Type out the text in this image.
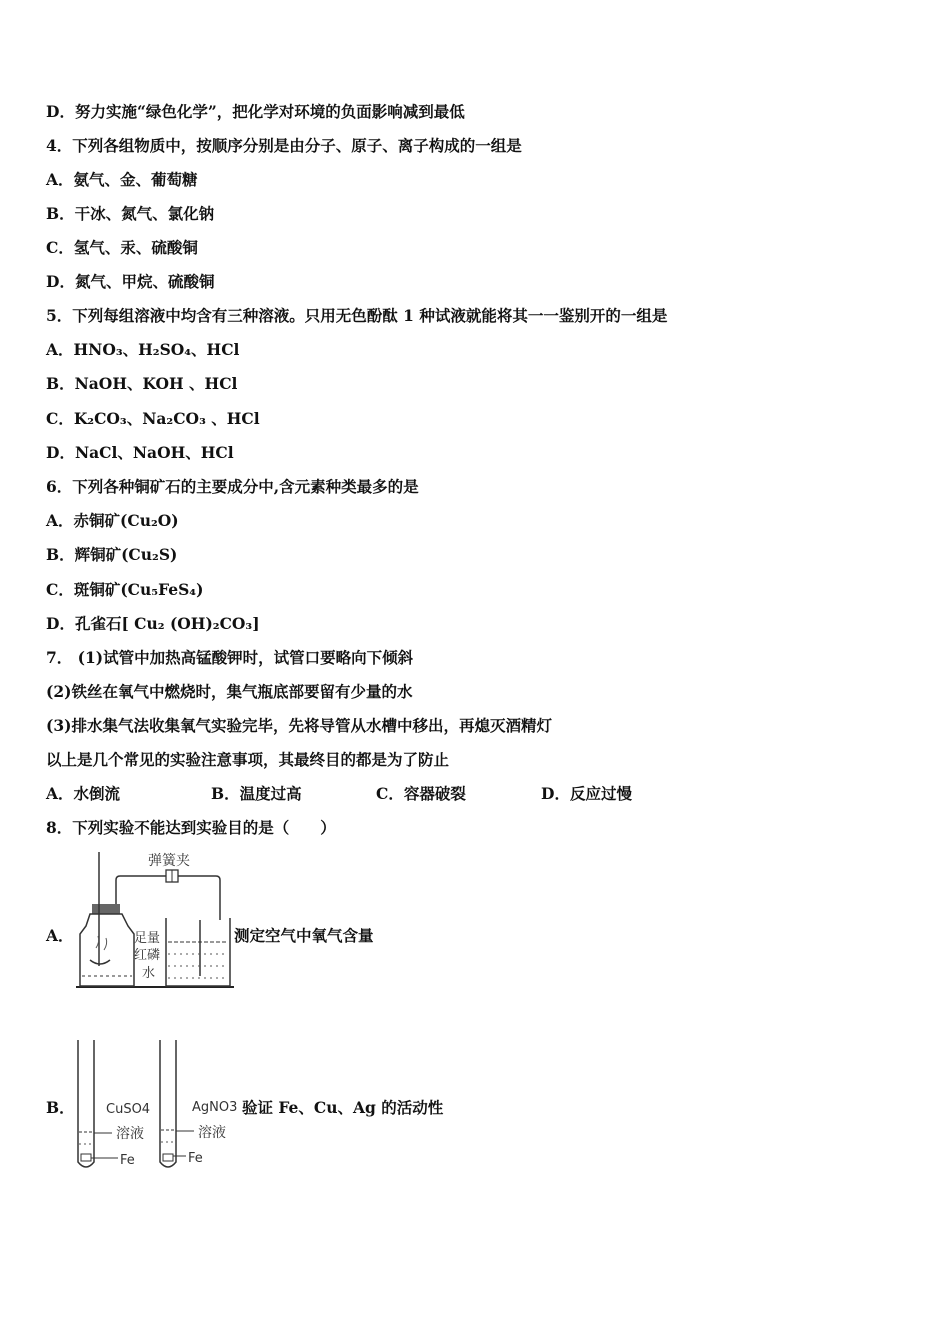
D．努力实施“绿色化学”，把化学对环境的负面影响减到最低
4．下列各组物质中，按顺序分别是由分子、原子、离子构成的一组是
A．氨气、金、葡萄糖
B．干冰、氮气、氯化钠
C．氢气、汞、硫酸铜
D．氮气、甲烷、硫酸铜
5．下列每组溶液中均含有三种溶液。只用无色酚酞 1 种试液就能将其一一鉴别开的一组是
A．HNO₃、H₂SO₄、HCl
B．NaOH、KOH 、HCl
C．K₂CO₃、Na₂CO₃ 、HCl
D．NaCl、NaOH、HCl
6．下列各种铜矿石的主要成分中,含元素种类最多的是
A．赤铜矿(Cu₂O)
B．辉铜矿(Cu₂S)
C．斑铜矿(Cu₅FeS₄)
D．孔雀石[ Cu₂ (OH)₂CO₃]
7． (1)试管中加热高锰酸钾时，试管口要略向下倾斜
(2)铁丝在氧气中燃烧时，集气瓶底部要留有少量的水
(3)排水集气法收集氧气实验完毕，先将导管从水槽中移出，再熄灭酒精灯
以上是几个常见的实验注意事项，其最终目的都是为了防止
A．水倒流	B．温度过高	C．容器破裂	D．反应过慢
8．下列实验不能达到实验目的是（　　）
A．
弹簧夹
足量
红磷
水
测定空气中氧气含量
B． CuSO4
溶液
Fe
AgNO3
溶液
Fe
验证 Fe、Cu、Ag 的活动性
